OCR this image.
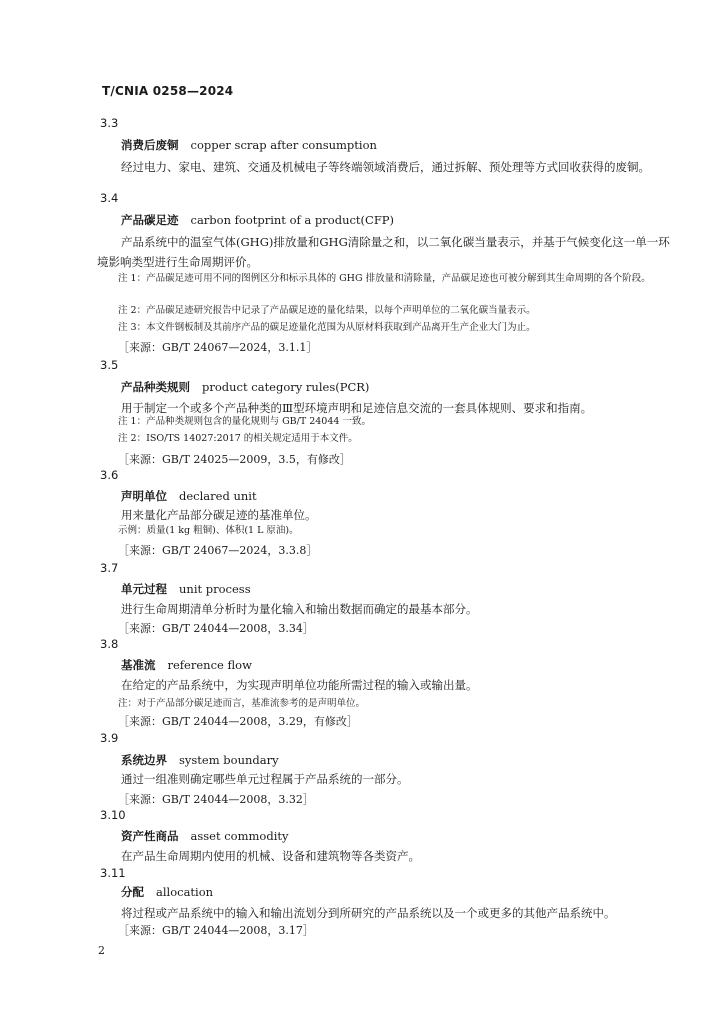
T/CNIA 0258—2024
3.3
消费后废铜 copper scrap after consumption
经过电力、家电、建筑、交通及机械电子等终端领域消费后，通过拆解、预处理等方式回收获得的废铜。
3.4
产品碳足迹 carbon footprint of a product(CFP)
产品系统中的温室气体(GHG)排放量和GHG清除量之和，以二氧化碳当量表示，并基于气候变化这一单一环境影响类型进行生命周期评价。
注 1：产品碳足迹可用不同的图例区分和标示具体的 GHG 排放量和清除量，产品碳足迹也可被分解到其生命周期的各个阶段。
注 2：产品碳足迹研究报告中记录了产品碳足迹的量化结果，以每个声明单位的二氧化碳当量表示。
注 3：本文件钢板制及其前序产品的碳足迹量化范围为从原材料获取到产品离开生产企业大门为止。
［来源：GB/T 24067—2024，3.1.1］
3.5
产品种类规则 product category rules(PCR)
用于制定一个或多个产品种类的Ⅲ型环境声明和足迹信息交流的一套具体规则、要求和指南。
注 1：产品种类规则包含的量化规则与 GB/T 24044 一致。
注 2：ISO/TS 14027:2017 的相关规定适用于本文件。
［来源：GB/T 24025—2009，3.5，有修改］
3.6
声明单位 declared unit
用来量化产品部分碳足迹的基准单位。
示例：质量(1 kg 粗铜)、体积(1 L 原油)。
［来源：GB/T 24067—2024，3.3.8］
3.7
单元过程 unit process
进行生命周期清单分析时为量化输入和输出数据而确定的最基本部分。
［来源：GB/T 24044—2008，3.34］
3.8
基准流 reference flow
在给定的产品系统中，为实现声明单位功能所需过程的输入或输出量。
注：对于产品部分碳足迹而言，基准流参考的是声明单位。
［来源：GB/T 24044—2008，3.29，有修改］
3.9
系统边界 system boundary
通过一组准则确定哪些单元过程属于产品系统的一部分。
［来源：GB/T 24044—2008，3.32］
3.10
资产性商品 asset commodity
在产品生命周期内使用的机械、设备和建筑物等各类资产。
3.11
分配 allocation
将过程或产品系统中的输入和输出流划分到所研究的产品系统以及一个或更多的其他产品系统中。
［来源：GB/T 24044—2008，3.17］
2
